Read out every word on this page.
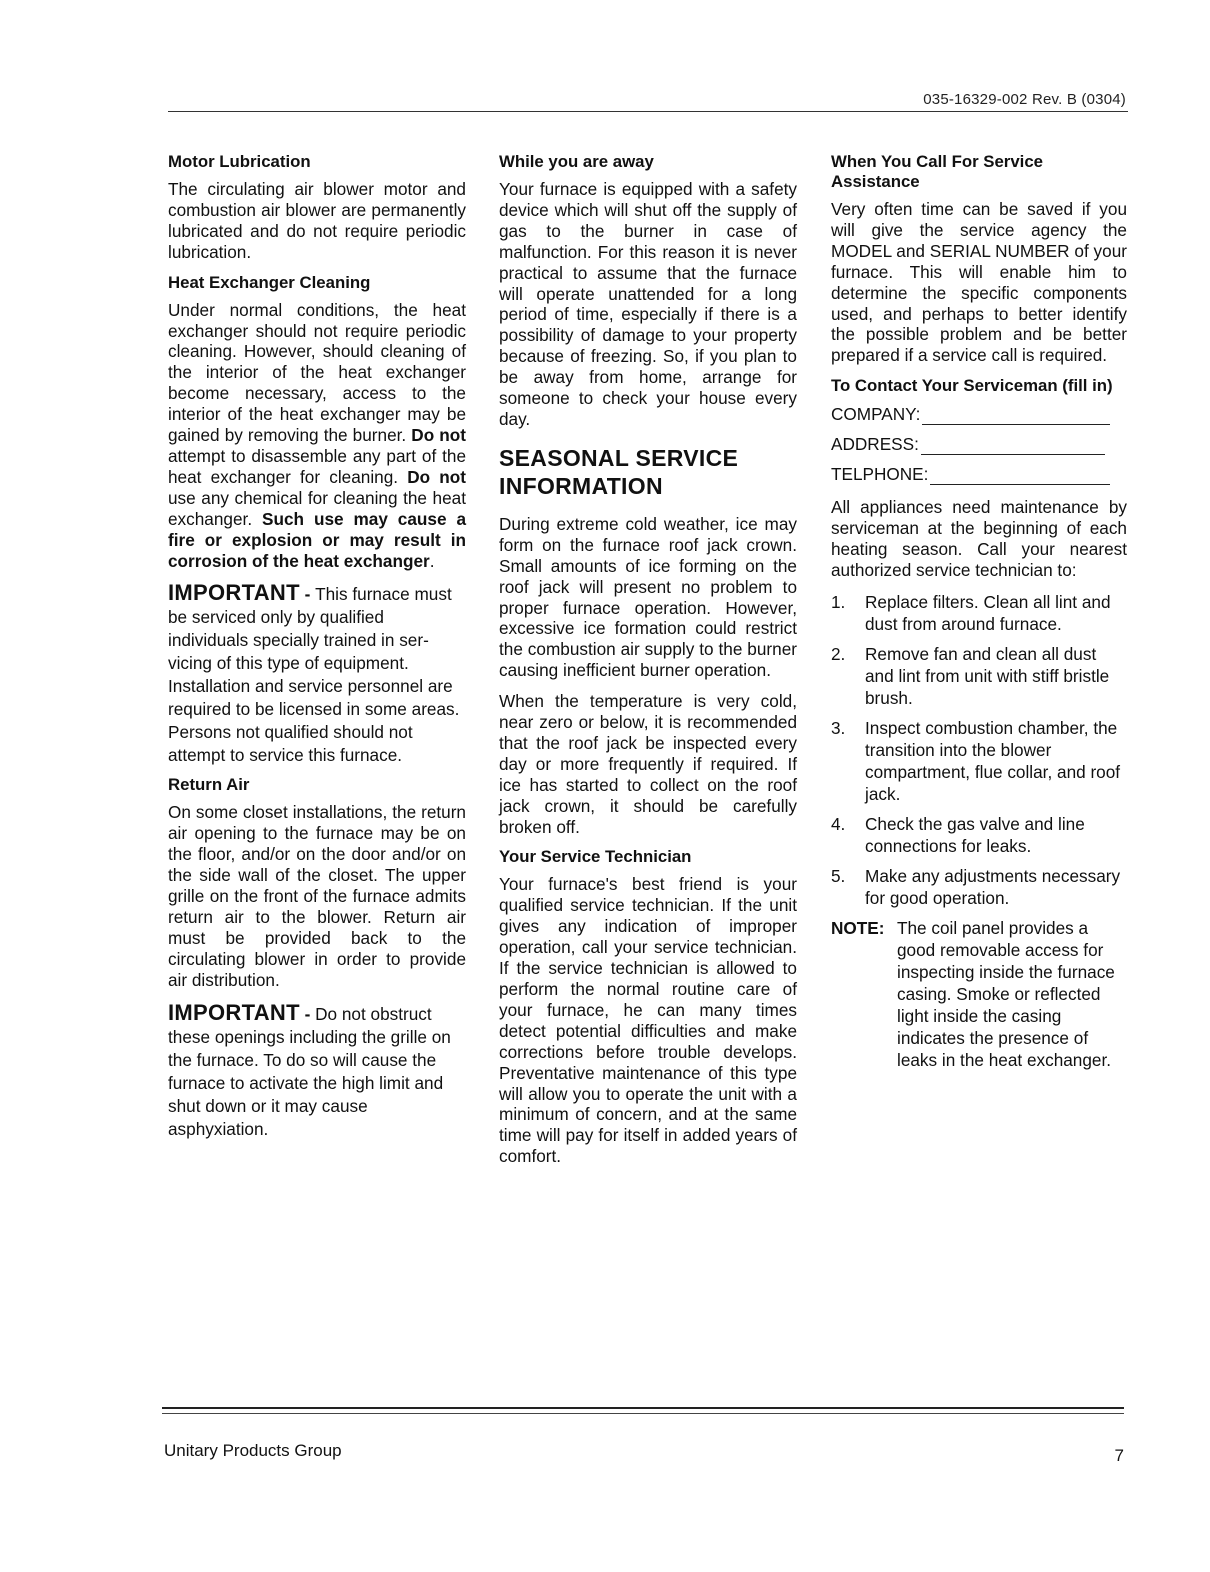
035-16329-002 Rev. B (0304)
Motor Lubrication

The circulating air blower motor and combustion air blower are permanently lubricated and do not require periodic lubrication.

Heat Exchanger Cleaning

Under normal conditions, the heat exchanger should not require periodic cleaning. However, should cleaning of the interior of the heat exchanger become necessary, access to the interior of the heat exchanger may be gained by removing the burner. Do not attempt to disassemble any part of the heat exchanger for cleaning. Do not use any chemical for cleaning the heat exchanger. Such use may cause a fire or explosion or may result in corrosion of the heat exchanger.

IMPORTANT - This furnace must be serviced only by qualified individuals specially trained in servicing of this type of equipment. Installation and service personnel are required to be licensed in some areas. Persons not qualified should not attempt to service this furnace.

Return Air

On some closet installations, the return air opening to the furnace may be on the floor, and/or on the door and/or on the side wall of the closet. The upper grille on the front of the furnace admits return air to the blower. Return air must be provided back to the circulating blower in order to provide air distribution.

IMPORTANT - Do not obstruct these openings including the grille on the furnace. To do so will cause the furnace to activate the high limit and shut down or it may cause asphyxiation.

While you are away

Your furnace is equipped with a safety device which will shut off the supply of gas to the burner in case of malfunction. For this reason it is never practical to assume that the furnace will operate unattended for a long period of time, especially if there is a possibility of damage to your property because of freezing. So, if you plan to be away from home, arrange for someone to check your house every day.

SEASONAL SERVICE INFORMATION

During extreme cold weather, ice may form on the furnace roof jack crown. Small amounts of ice forming on the roof jack will present no problem to proper furnace operation. However, excessive ice formation could restrict the combustion air supply to the burner causing inefficient burner operation.

When the temperature is very cold, near zero or below, it is recommended that the roof jack be inspected every day or more frequently if required. If ice has started to collect on the roof jack crown, it should be carefully broken off.

Your Service Technician

Your furnace's best friend is your qualified service technician. If the unit gives any indication of improper operation, call your service technician. If the service technician is allowed to perform the normal routine care of your furnace, he can many times detect potential difficulties and make corrections before trouble develops. Preventative maintenance of this type will allow you to operate the unit with a minimum of concern, and at the same time will pay for itself in added years of comfort.

When You Call For Service Assistance

Very often time can be saved if you will give the service agency the MODEL and SERIAL NUMBER of your furnace. This will enable him to determine the specific components used, and perhaps to better identify the possible problem and be better prepared if a service call is required.

To Contact Your Serviceman (fill in)
COMPANY:
ADDRESS:
TELPHONE:

All appliances need maintenance by serviceman at the beginning of each heating season. Call your nearest authorized service technician to:

1.	Replace filters. Clean all lint and dust from around furnace.
2.	Remove fan and clean all dust and lint from unit with stiff bristle brush.
3.	Inspect combustion chamber, the transition into the blower compartment, flue collar, and roof jack.
4.	Check the gas valve and line connections for leaks.
5.	Make any adjustments necessary for good operation.
NOTE: The coil panel provides a good removable access for inspecting inside the furnace casing. Smoke or reflected light inside the casing indicates the presence of leaks in the heat exchanger.
Unitary Products Group	7
